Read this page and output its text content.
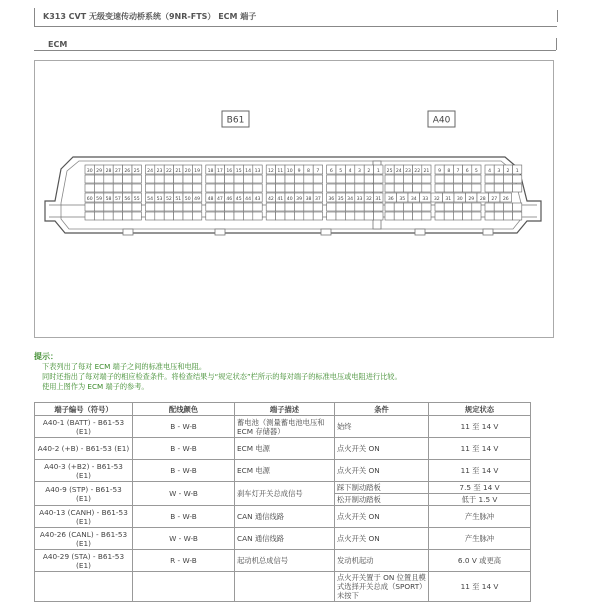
K313 CVT 无级变速传动桥系统（9NR-FTS） ECM 端子
ECM
B61	A40
30 29 28 27 26 25 24 23 22 21 20 19 18 17 16 15 14 13 12 11 10 9 8 7 6 5 4 3 2 1
60 59 58 57 56 55 54 53 52 51 50 49 48 47 46 45 44 43 42 41 40 39 38 37 36 35 34 33 32 31
25 24 23 22 21 9 8 7 6 5 4 3 2 1
36 35 34 33 32 31 30 29 28 27 26
提示：
下表列出了每对 ECM 端子之间的标准电压和电阻。
同时还指出了每对端子的相应检查条件。将检查结果与“规定状态”栏所示的每对端子的标准电压或电阻进行比较。
使用上图作为 ECM 端子的参考。
端子编号（符号）	配线颜色	端子描述	条件	规定状态
A40-1 (BATT) - B61-53 (E1)	B - W-B	蓄电池（测量蓄电池电压和 ECM 存储器）	始终	11 至 14 V
A40-2 (+B) - B61-53 (E1)	B - W-B	ECM 电源	点火开关 ON	11 至 14 V
A40-3 (+B2) - B61-53 (E1)	B - W-B	ECM 电源	点火开关 ON	11 至 14 V
A40-9 (STP) - B61-53 (E1)	W - W-B	刹车灯开关总成信号	踩下制动踏板	7.5 至 14 V
			松开制动踏板	低于 1.5 V
A40-13 (CANH) - B61-53 (E1)	B - W-B	CAN 通信线路	点火开关 ON	产生脉冲
A40-26 (CANL) - B61-53 (E1)	W - W-B	CAN 通信线路	点火开关 ON	产生脉冲
A40-29 (STA) - B61-53 (E1)	R - W-B	起动机总成信号	发动机起动	6.0 V 或更高
			点火开关置于 ON 位置且模式选择开关总成（SPORT）未按下	11 至 14 V
